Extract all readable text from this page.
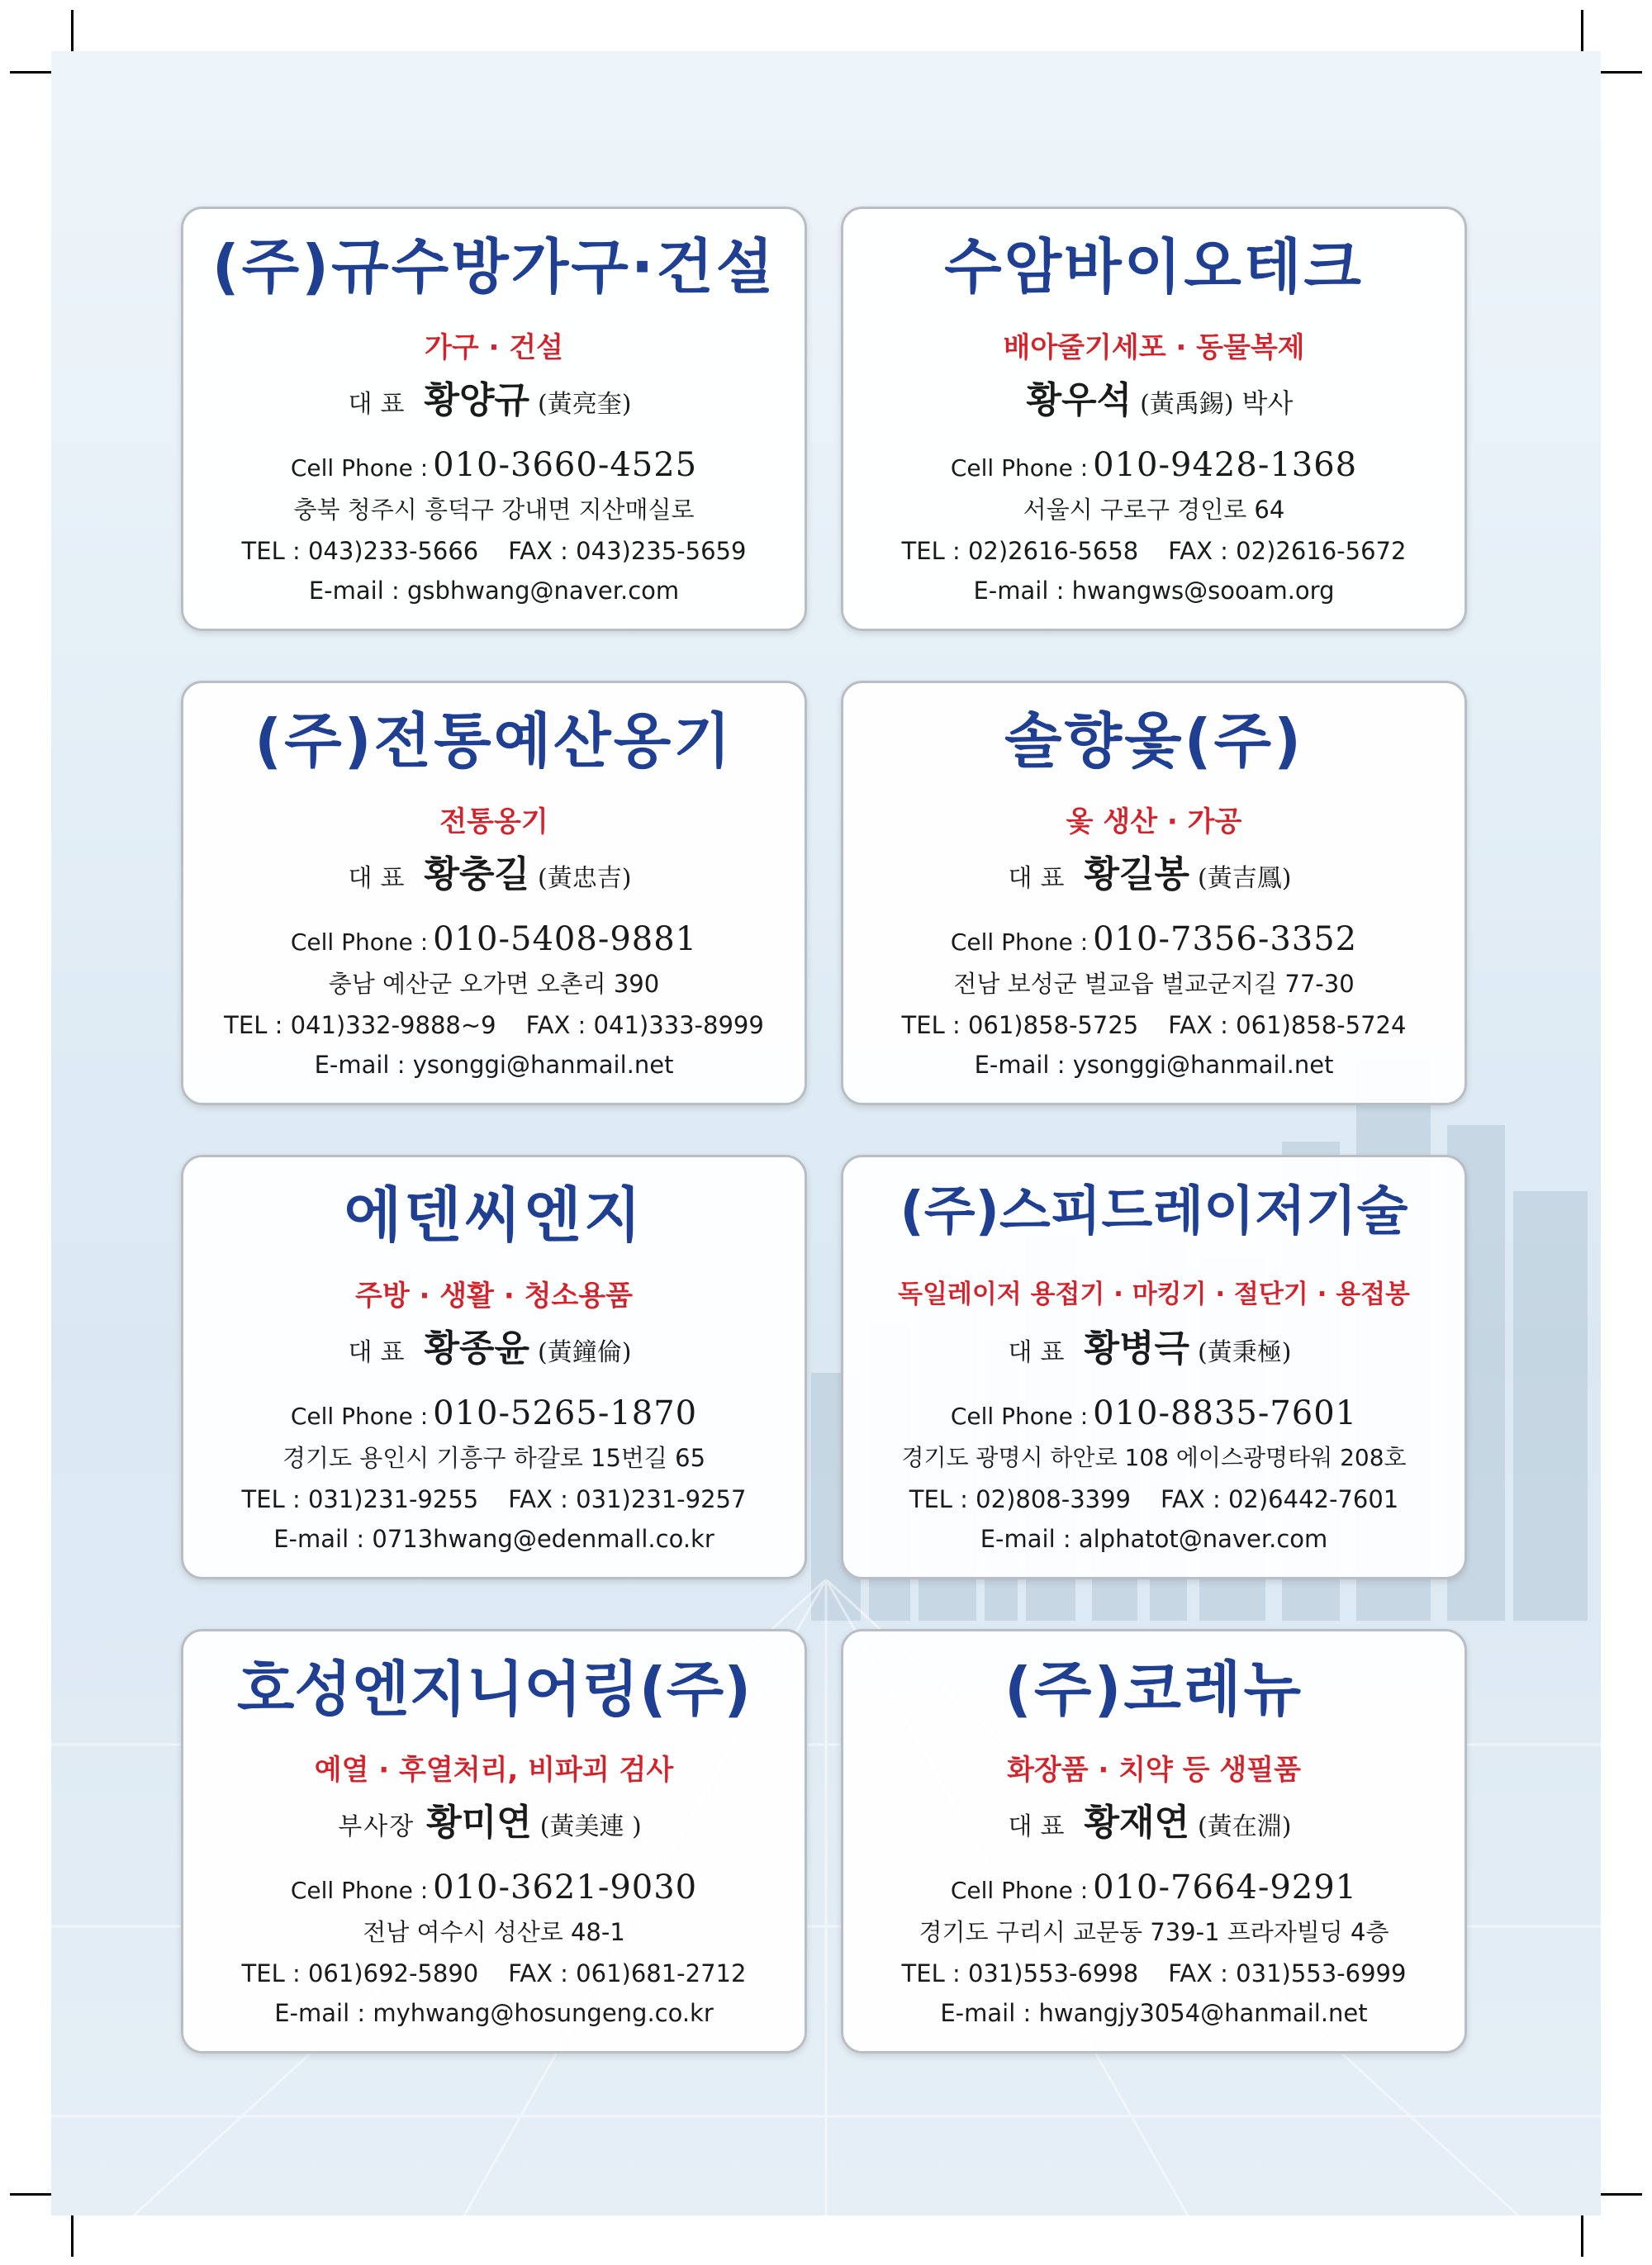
(주)규수방가구·건설
가구 · 건설
대표 황양규 (黃亮奎)
Cell Phone : 010-3660-4525
충북 청주시 흥덕구 강내면 지산매실로
TEL : 043)233-5666 FAX : 043)235-5659
E-mail : gsbhwang@naver.com
수암바이오테크
배아줄기세포 · 동물복제
황우석 (黃禹錫) 박사
Cell Phone : 010-9428-1368
서울시 구로구 경인로 64
TEL : 02)2616-5658 FAX : 02)2616-5672
E-mail : hwangws@sooam.org
(주)전통예산옹기
전통옹기
대표 황충길 (黃忠吉)
Cell Phone : 010-5408-9881
충남 예산군 오가면 오촌리 390
TEL : 041)332-9888~9 FAX : 041)333-8999
E-mail : ysonggi@hanmail.net
솔향옻(주)
옻 생산 · 가공
대표 황길봉 (黃吉鳳)
Cell Phone : 010-7356-3352
전남 보성군 벌교읍 벌교군지길 77-30
TEL : 061)858-5725 FAX : 061)858-5724
E-mail : ysonggi@hanmail.net
에덴씨엔지
주방 · 생활 · 청소용품
대표 황종윤 (黃鐘倫)
Cell Phone : 010-5265-1870
경기도 용인시 기흥구 하갈로 15번길 65
TEL : 031)231-9255 FAX : 031)231-9257
E-mail : 0713hwang@edenmall.co.kr
(주)스피드레이저기술
독일레이저 용접기 · 마킹기 · 절단기 · 용접봉
대표 황병극 (黃秉極)
Cell Phone : 010-8835-7601
경기도 광명시 하안로 108 에이스광명타워 208호
TEL : 02)808-3399 FAX : 02)6442-7601
E-mail : alphatot@naver.com
호성엔지니어링(주)
예열 · 후열처리, 비파괴 검사
부사장 황미연 (黃美連 )
Cell Phone : 010-3621-9030
전남 여수시 성산로 48-1
TEL : 061)692-5890 FAX : 061)681-2712
E-mail : myhwang@hosungeng.co.kr
(주)코레뉴
화장품 · 치약 등 생필품
대표 황재연 (黃在淵)
Cell Phone : 010-7664-9291
경기도 구리시 교문동 739-1 프라자빌딩 4층
TEL : 031)553-6998 FAX : 031)553-6999
E-mail : hwangjy3054@hanmail.net
